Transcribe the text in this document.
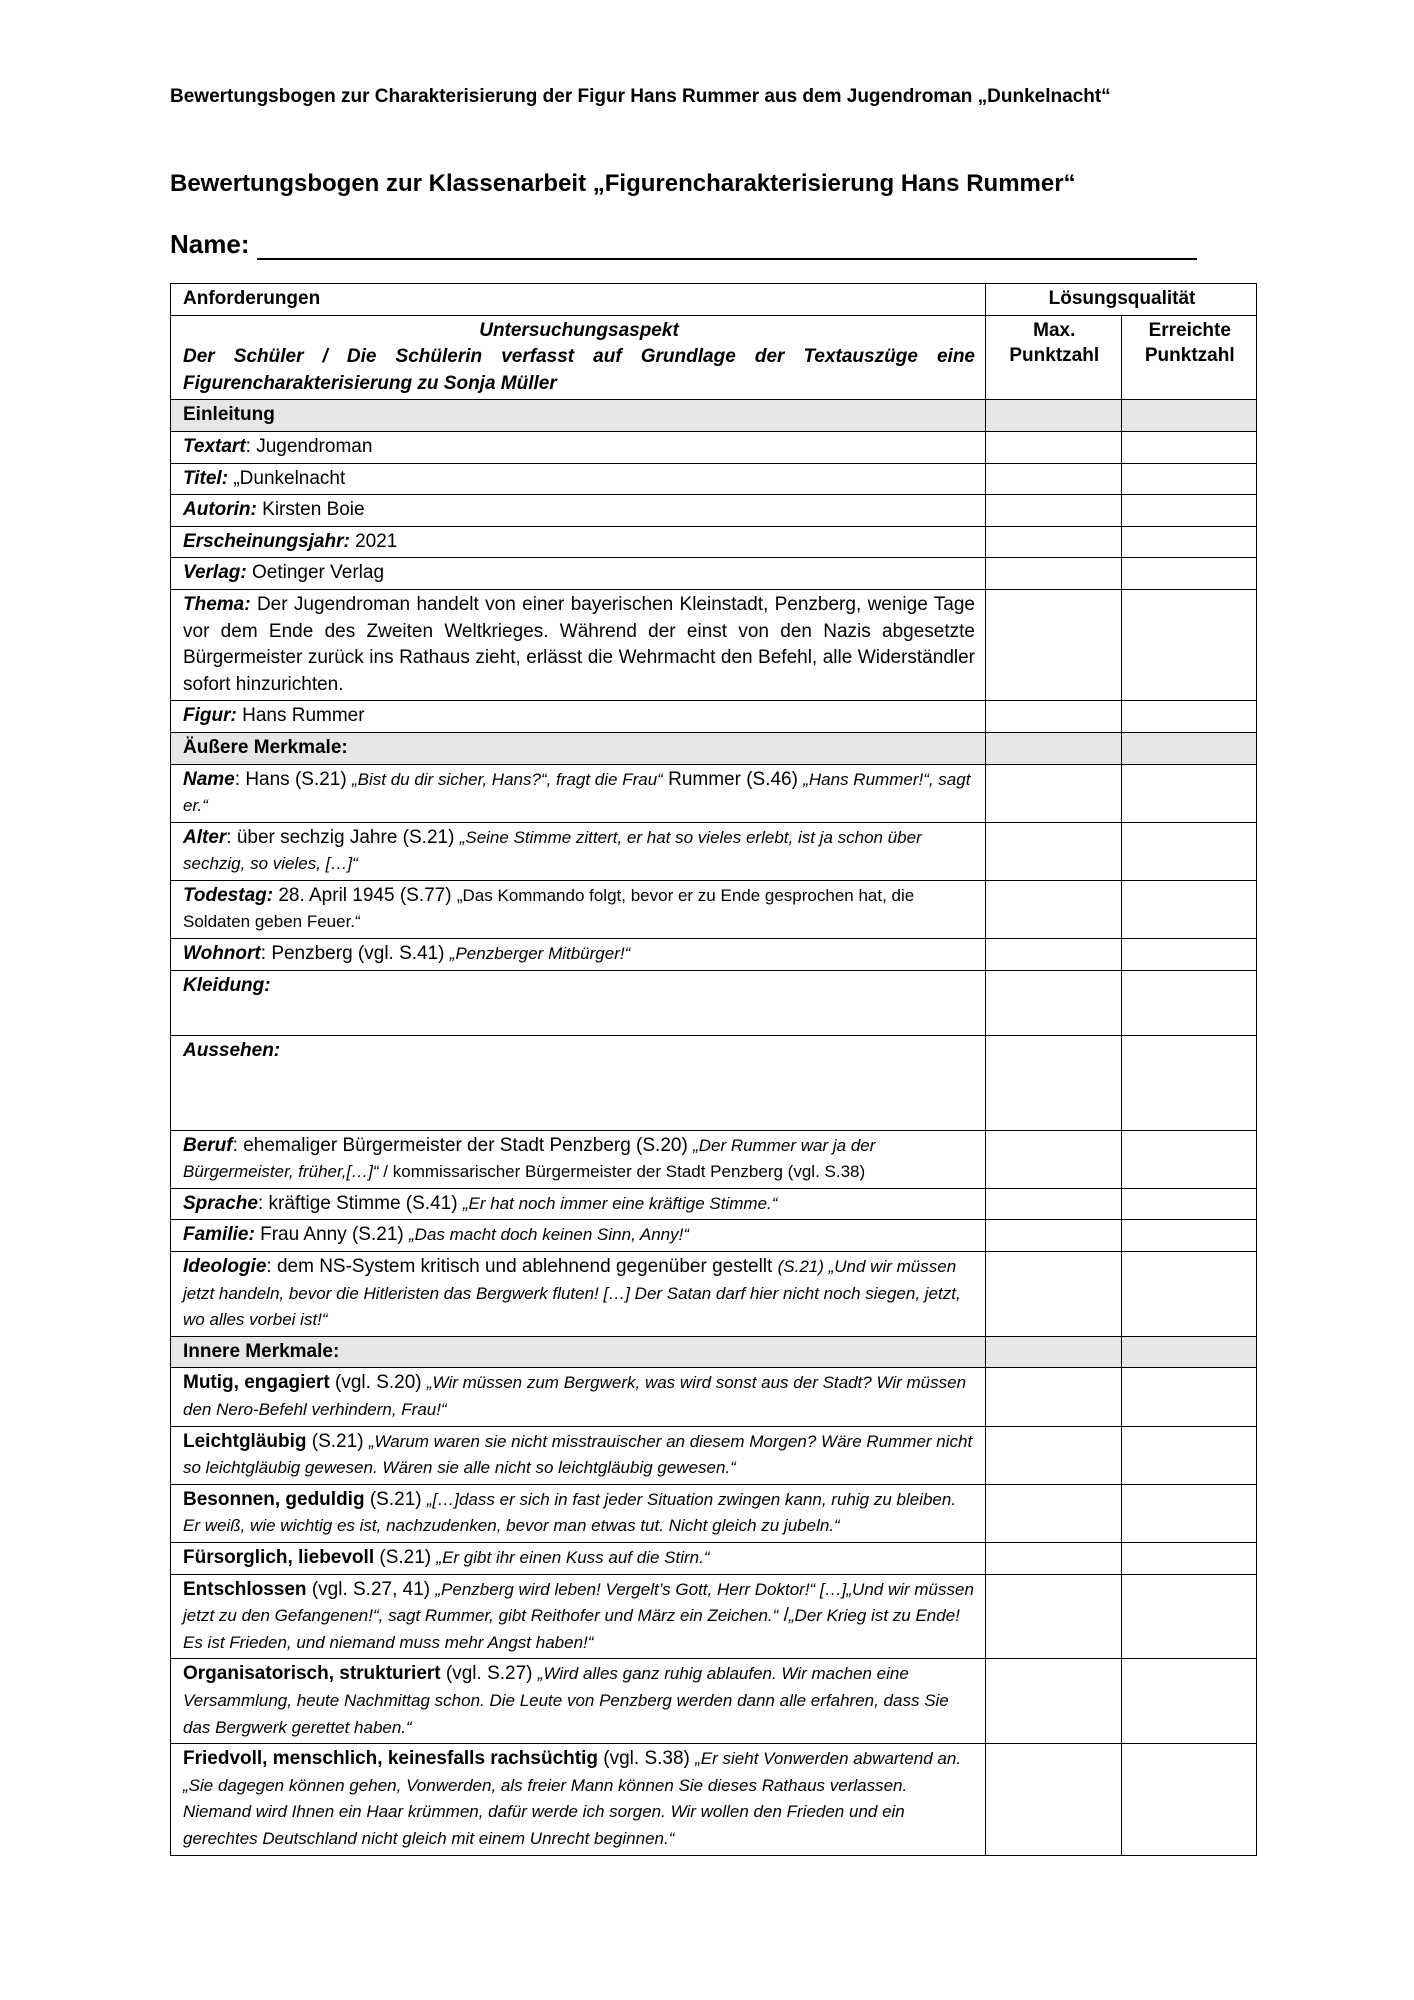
Bewertungsbogen zur Charakterisierung der Figur Hans Rummer aus dem Jugendroman „Dunkelnacht“
Bewertungsbogen zur Klassenarbeit „Figurencharakterisierung Hans Rummer“
Name:
Anforderungen	Lösungsqualität	

Untersuchungsaspekt
Der Schüler / Die Schülerin verfasst auf Grundlage der Textauszüge eine Figurencharakterisierung zu Sonja Müller	Max. Punktzahl	Erreichte Punktzahl

Einleitung		
Textart: Jugendroman		
Titel: „Dunkelnacht		
Autorin: Kirsten Boie		
Erscheinungsjahr: 2021		
Verlag: Oetinger Verlag		
Thema: Der Jugendroman handelt von einer bayerischen Kleinstadt, Penzberg, wenige Tage vor dem Ende des Zweiten Weltkrieges. Während der einst von den Nazis abgesetzte Bürgermeister zurück ins Rathaus zieht, erlässt die Wehrmacht den Befehl, alle Widerständler sofort hinzurichten.		
Figur: Hans Rummer		
Äußere Merkmale:		
Name: Hans (S.21) „Bist du dir sicher, Hans?“, fragt die Frau“ Rummer (S.46) „Hans Rummer!“, sagt er.“		
Alter: über sechzig Jahre (S.21) „Seine Stimme zittert, er hat so vieles erlebt, ist ja schon über sechzig, so vieles, […]“		
Todestag: 28. April 1945 (S.77) „Das Kommando folgt, bevor er zu Ende gesprochen hat, die Soldaten geben Feuer.“		
Wohnort: Penzberg (vgl. S.41) „Penzberger Mitbürger!“		
Kleidung:		
Aussehen:		
Beruf: ehemaliger Bürgermeister der Stadt Penzberg (S.20) „Der Rummer war ja der Bürgermeister, früher,[…]“ / kommissarischer Bürgermeister der Stadt Penzberg (vgl. S.38)		
Sprache: kräftige Stimme (S.41) „Er hat noch immer eine kräftige Stimme.“		
Familie: Frau Anny (S.21) „Das macht doch keinen Sinn, Anny!“		
Ideologie: dem NS-System kritisch und ablehnend gegenüber gestellt (S.21) „Und wir müssen jetzt handeln, bevor die Hitleristen das Bergwerk fluten! […] Der Satan darf hier nicht noch siegen, jetzt, wo alles vorbei ist!“		
Innere Merkmale:		
Mutig, engagiert (vgl. S.20) „Wir müssen zum Bergwerk, was wird sonst aus der Stadt? Wir müssen den Nero-Befehl verhindern, Frau!“		
Leichtgläubig (S.21) „Warum waren sie nicht misstrauischer an diesem Morgen? Wäre Rummer nicht so leichtgläubig gewesen. Wären sie alle nicht so leichtgläubig gewesen.“		
Besonnen, geduldig (S.21) „[…]dass er sich in fast jeder Situation zwingen kann, ruhig zu bleiben. Er weiß, wie wichtig es ist, nachzudenken, bevor man etwas tut. Nicht gleich zu jubeln.“		
Fürsorglich, liebevoll (S.21) „Er gibt ihr einen Kuss auf die Stirn.“		
Entschlossen (vgl. S.27, 41) „Penzberg wird leben! Vergelt’s Gott, Herr Doktor!“ […]„Und wir müssen jetzt zu den Gefangenen!“, sagt Rummer, gibt Reithofer und März ein Zeichen.“ /„Der Krieg ist zu Ende! Es ist Frieden, und niemand muss mehr Angst haben!“		
Organisatorisch, strukturiert (vgl. S.27) „Wird alles ganz ruhig ablaufen. Wir machen eine Versammlung, heute Nachmittag schon. Die Leute von Penzberg werden dann alle erfahren, dass Sie das Bergwerk gerettet haben.“		
Friedvoll, menschlich, keinesfalls rachsüchtig (vgl. S.38) „Er sieht Vonwerden abwartend an. „Sie dagegen können gehen, Vonwerden, als freier Mann können Sie dieses Rathaus verlassen. Niemand wird Ihnen ein Haar krümmen, dafür werde ich sorgen. Wir wollen den Frieden und ein gerechtes Deutschland nicht gleich mit einem Unrecht beginnen.“		
